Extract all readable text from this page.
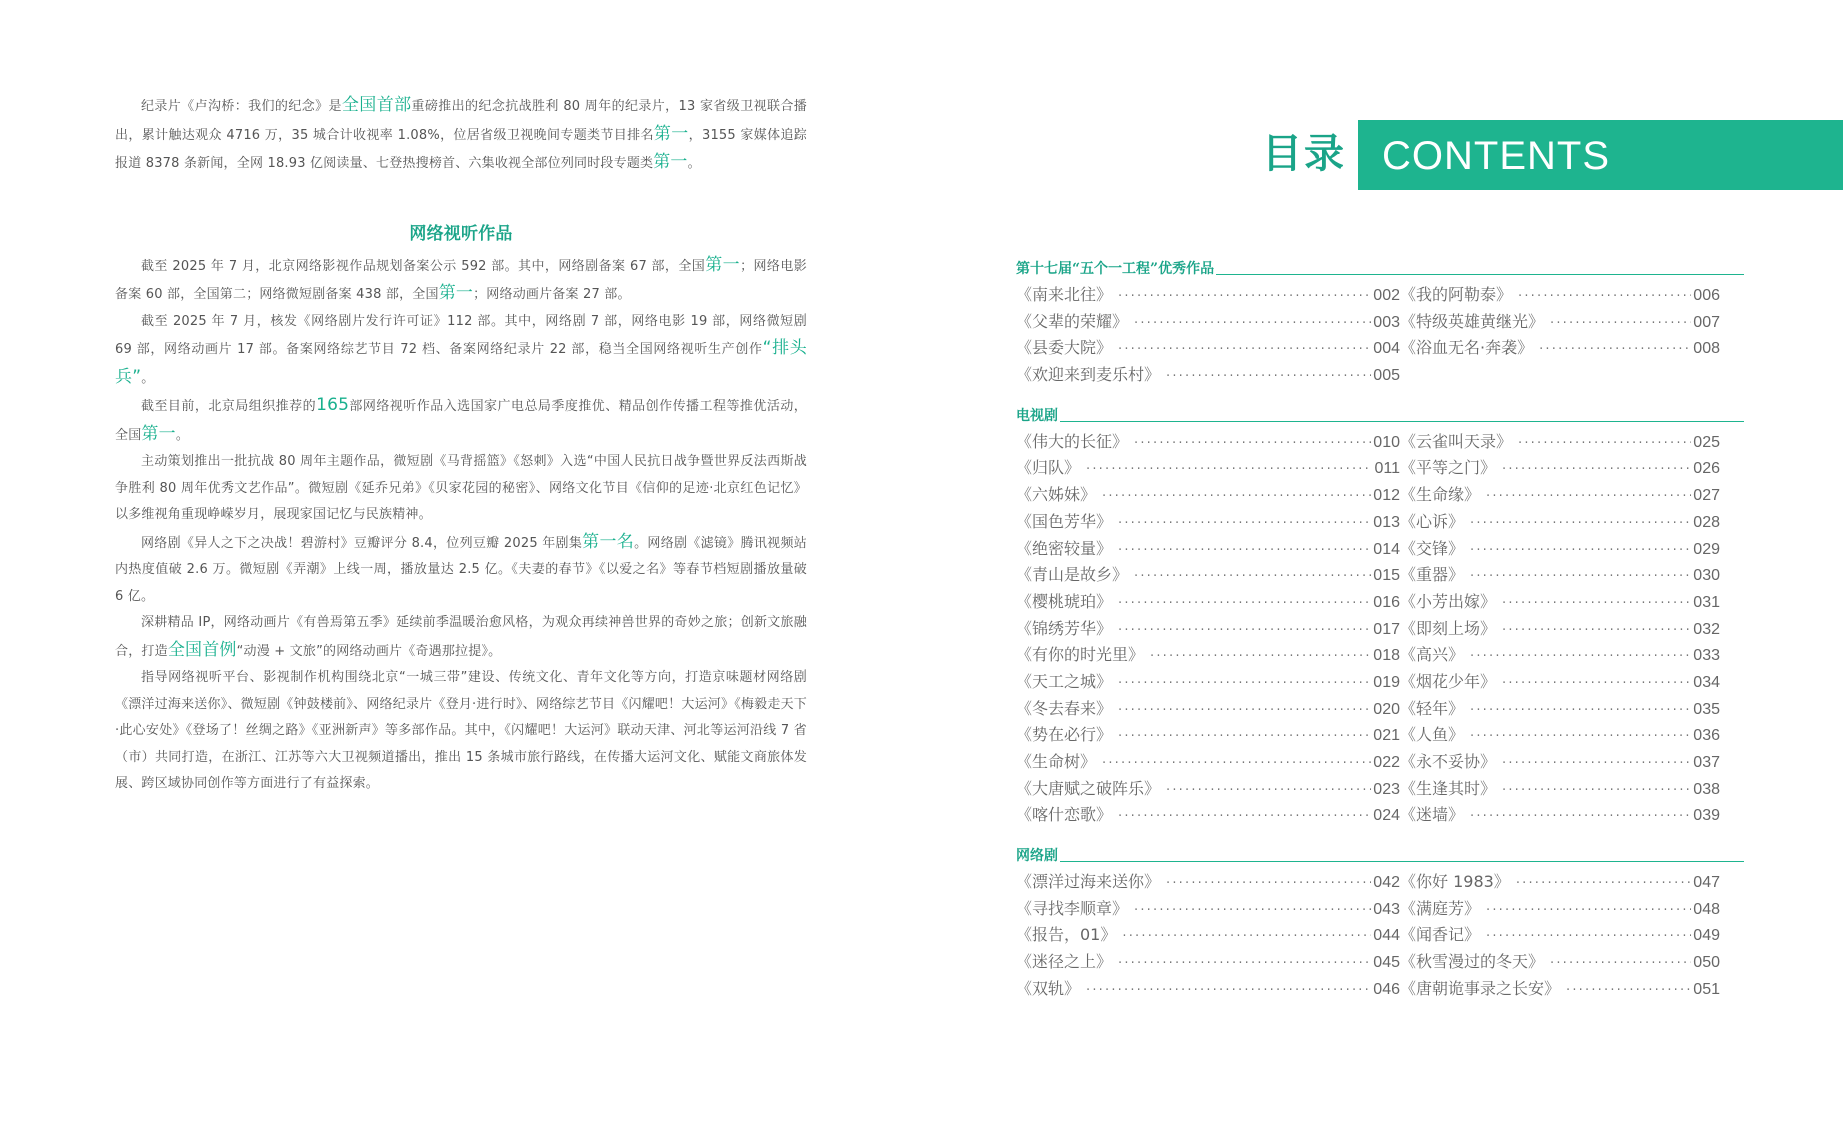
纪录片《卢沟桥：我们的纪念》是全国首部重磅推出的纪念抗战胜利 80 周年的纪录片，13 家省级卫视联合播出，累计触达观众 4716 万，35 城合计收视率 1.08%，位居省级卫视晚间专题类节目排名第一，3155 家媒体追踪报道 8378 条新闻，全网 18.93 亿阅读量、七登热搜榜首、六集收视全部位列同时段专题类第一。

网络视听作品

截至 2025 年 7 月，北京网络影视作品规划备案公示 592 部。其中，网络剧备案 67 部，全国第一；网络电影备案 60 部，全国第二；网络微短剧备案 438 部，全国第一；网络动画片备案 27 部。

截至 2025 年 7 月，核发《网络剧片发行许可证》112 部。其中，网络剧 7 部，网络电影 19 部，网络微短剧 69 部，网络动画片 17 部。备案网络综艺节目 72 档、备案网络纪录片 22 部，稳当全国网络视听生产创作“排头兵”。

截至目前，北京局组织推荐的165部网络视听作品入选国家广电总局季度推优、精品创作传播工程等推优活动，全国第一。

主动策划推出一批抗战 80 周年主题作品，微短剧《马背摇篮》《怒刺》入选“中国人民抗日战争暨世界反法西斯战争胜利 80 周年优秀文艺作品”。微短剧《延乔兄弟》《贝家花园的秘密》、网络文化节目《信仰的足迹·北京红色记忆》以多维视角重现峥嵘岁月，展现家国记忆与民族精神。

网络剧《异人之下之决战！碧游村》豆瓣评分 8.4，位列豆瓣 2025 年剧集第一名。网络剧《滤镜》腾讯视频站内热度值破 2.6 万。微短剧《弄潮》上线一周，播放量达 2.5 亿。《夫妻的春节》《以爱之名》等春节档短剧播放量破 6 亿。

深耕精品 IP，网络动画片《有兽焉第五季》延续前季温暖治愈风格，为观众再续神兽世界的奇妙之旅；创新文旅融合，打造全国首例“动漫 + 文旅”的网络动画片《奇遇那拉提》。

指导网络视听平台、影视制作机构围绕北京“一城三带”建设、传统文化、青年文化等方向，打造京味题材网络剧《漂洋过海来送你》、微短剧《钟鼓楼前》、网络纪录片《登月·进行时》、网络综艺节目《闪耀吧！大运河》《梅毅走天下·此心安处》《登场了！丝绸之路》《亚洲新声》等多部作品。其中，《闪耀吧！大运河》联动天津、河北等运河沿线 7 省（市）共同打造，在浙江、江苏等六大卫视频道播出，推出 15 条城市旅行路线，在传播大运河文化、赋能文商旅体发展、跨区域协同创作等方面进行了有益探索。

目录 CONTENTS
第十七届“五个一工程”优秀作品
《南来北往》 ·····	002 《我的阿勒泰》 ·····	006
《父辈的荣耀》 ·····	003 《特级英雄黄继光》 ·····	007
《县委大院》 ·····	004 《浴血无名·奔袭》 ·····	008
《欢迎来到麦乐村》 ·····	005
电视剧
《伟大的长征》 ·····	010 《云雀叫天录》 ·····	025
《归队》 ·····	011 《平等之门》 ·····	026
《六姊妹》 ·····	012 《生命缘》 ·····	027
《国色芳华》 ·····	013 《心诉》 ·····	028
《绝密较量》 ·····	014 《交锋》 ·····	029
《青山是故乡》 ·····	015 《重器》 ·····	030
《樱桃琥珀》 ·····	016 《小芳出嫁》 ·····	031
《锦绣芳华》 ·····	017 《即刻上场》 ·····	032
《有你的时光里》 ·····	018 《高兴》 ·····	033
《天工之城》 ·····	019 《烟花少年》 ·····	034
《冬去春来》 ·····	020 《轻年》 ·····	035
《势在必行》 ·····	021 《人鱼》 ·····	036
《生命树》 ·····	022 《永不妥协》 ·····	037
《大唐赋之破阵乐》 ·····	023 《生逢其时》 ·····	038
《喀什恋歌》 ·····	024 《迷墙》 ·····	039
网络剧
《漂洋过海来送你》 ·····	042 《你好 1983》 ·····	047
《寻找李顺章》 ·····	043 《满庭芳》 ·····	048
《报告，01》 ·····	044 《闻香记》 ·····	049
《迷径之上》 ·····	045 《秋雪漫过的冬天》 ·····	050
《双轨》 ·····	046 《唐朝诡事录之长安》 ·····	051
